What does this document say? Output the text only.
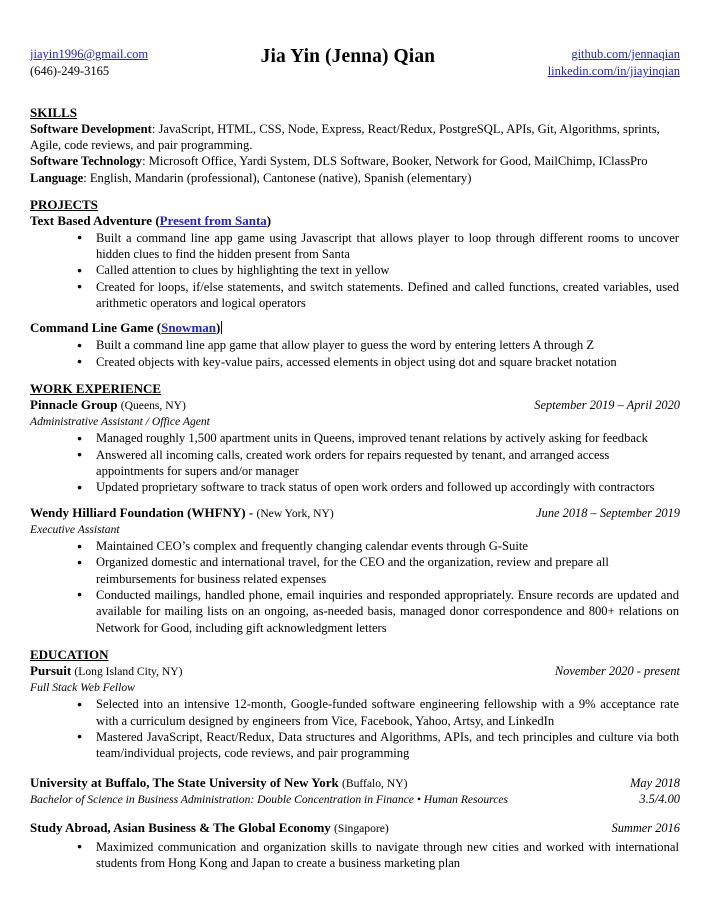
jiayin1996@gmail.com
(646)-249-3165
Jia Yin (Jenna) Qian	github.com/jennaqian
linkedin.com/in/jiayinqian
SKILLS
Software Development: JavaScript, HTML, CSS, Node, Express, React/Redux, PostgreSQL, APIs, Git, Algorithms, sprints, Agile, code reviews, and pair programming.
Software Technology: Microsoft Office, Yardi System, DLS Software, Booker, Network for Good, MailChimp, IClassPro
Language: English, Mandarin (professional), Cantonese (native), Spanish (elementary)
PROJECTS
Text Based Adventure (Present from Santa)
● Built a command line app game using Javascript that allows player to loop through different rooms to uncover hidden clues to find the hidden present from Santa
● Called attention to clues by highlighting the text in yellow
● Created for loops, if/else statements, and switch statements. Defined and called functions, created variables, used arithmetic operators and logical operators
Command Line Game (Snowman)
● Built a command line app game that allow player to guess the word by entering letters A through Z
● Created objects with key-value pairs, accessed elements in object using dot and square bracket notation
WORK EXPERIENCE
Pinnacle Group (Queens, NY)	September 2019 – April 2020
Administrative Assistant / Office Agent
● Managed roughly 1,500 apartment units in Queens, improved tenant relations by actively asking for feedback
● Answered all incoming calls, created work orders for repairs requested by tenant, and arranged access appointments for supers and/or manager
● Updated proprietary software to track status of open work orders and followed up accordingly with contractors
Wendy Hilliard Foundation (WHFNY) - (New York, NY)	June 2018 – September 2019
Executive Assistant
● Maintained CEO’s complex and frequently changing calendar events through G-Suite
● Organized domestic and international travel, for the CEO and the organization, review and prepare all reimbursements for business related expenses
● Conducted mailings, handled phone, email inquiries and responded appropriately. Ensure records are updated and available for mailing lists on an ongoing, as-needed basis, managed donor correspondence and 800+ relations on Network for Good, including gift acknowledgment letters
EDUCATION
Pursuit (Long Island City, NY)	November 2020 - present
Full Stack Web Fellow
● Selected into an intensive 12-month, Google-funded software engineering fellowship with a 9% acceptance rate with a curriculum designed by engineers from Vice, Facebook, Yahoo, Artsy, and LinkedIn
● Mastered JavaScript, React/Redux, Data structures and Algorithms, APIs, and tech principles and culture via both team/individual projects, code reviews, and pair programming
University at Buffalo, The State University of New York (Buffalo, NY)	May 2018
Bachelor of Science in Business Administration: Double Concentration in Finance • Human Resources	3.5/4.00
Study Abroad, Asian Business & The Global Economy (Singapore)	Summer 2016
● Maximized communication and organization skills to navigate through new cities and worked with international students from Hong Kong and Japan to create a business marketing plan
